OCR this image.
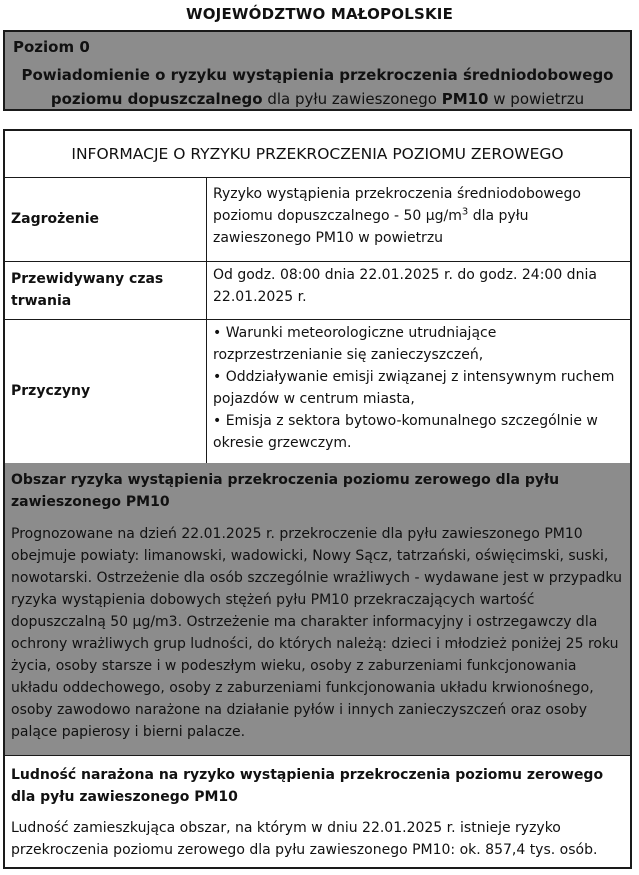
WOJEWÓDZTWO MAŁOPOLSKIE
Poziom 0
Powiadomienie o ryzyku wystąpienia przekroczenia średniodobowego
poziomu dopuszczalnego dla pyłu zawieszonego PM10 w powietrzu
INFORMACJE O RYZYKU PRZEKROCZENIA POZIOMU ZEROWEGO
Zagrożenie
Ryzyko wystąpienia przekroczenia średniodobowego poziomu dopuszczalnego - 50 $\mu g/m^3$ dla pyłu zawieszonego PM10 w powietrzu
Przewidywany czas trwania
Od godz. 08:00 dnia 22.01.2025 r. do godz. 24:00 dnia 22.01.2025 r.
Przyczyny
• Warunki meteorologiczne utrudniające rozprzestrzenianie się zanieczyszczeń,
• Oddziaływanie emisji związanej z intensywnym ruchem pojazdów w centrum miasta,
• Emisja z sektora bytowo-komunalnego szczególnie w okresie grzewczym.
Obszar ryzyka wystąpienia przekroczenia poziomu zerowego dla pyłu zawieszonego PM10
Prognozowane na dzień 22.01.2025 r. przekroczenie dla pyłu zawieszonego PM10 obejmuje powiaty: limanowski, wadowicki, Nowy Sącz, tatrzański, oświęcimski, suski, nowotarski. Ostrzeżenie dla osób szczególnie wrażliwych - wydawane jest w przypadku ryzyka wystąpienia dobowych stężeń pyłu PM10 przekraczających wartość dopuszczalną 50 µg/m3. Ostrzeżenie ma charakter informacyjny i ostrzegawczy dla ochrony wrażliwych grup ludności, do których należą: dzieci i młodzież poniżej 25 roku życia, osoby starsze i w podeszłym wieku, osoby z zaburzeniami funkcjonowania układu oddechowego, osoby z zaburzeniami funkcjonowania układu krwionośnego, osoby zawodowo narażone na działanie pyłów i innych zanieczyszczeń oraz osoby palące papierosy i bierni palacze.
Ludność narażona na ryzyko wystąpienia przekroczenia poziomu zerowego dla pyłu zawieszonego PM10
Ludność zamieszkująca obszar, na którym w dniu 22.01.2025 r. istnieje ryzyko przekroczenia poziomu zerowego dla pyłu zawieszonego PM10: ok. 857,4 tys. osób.
